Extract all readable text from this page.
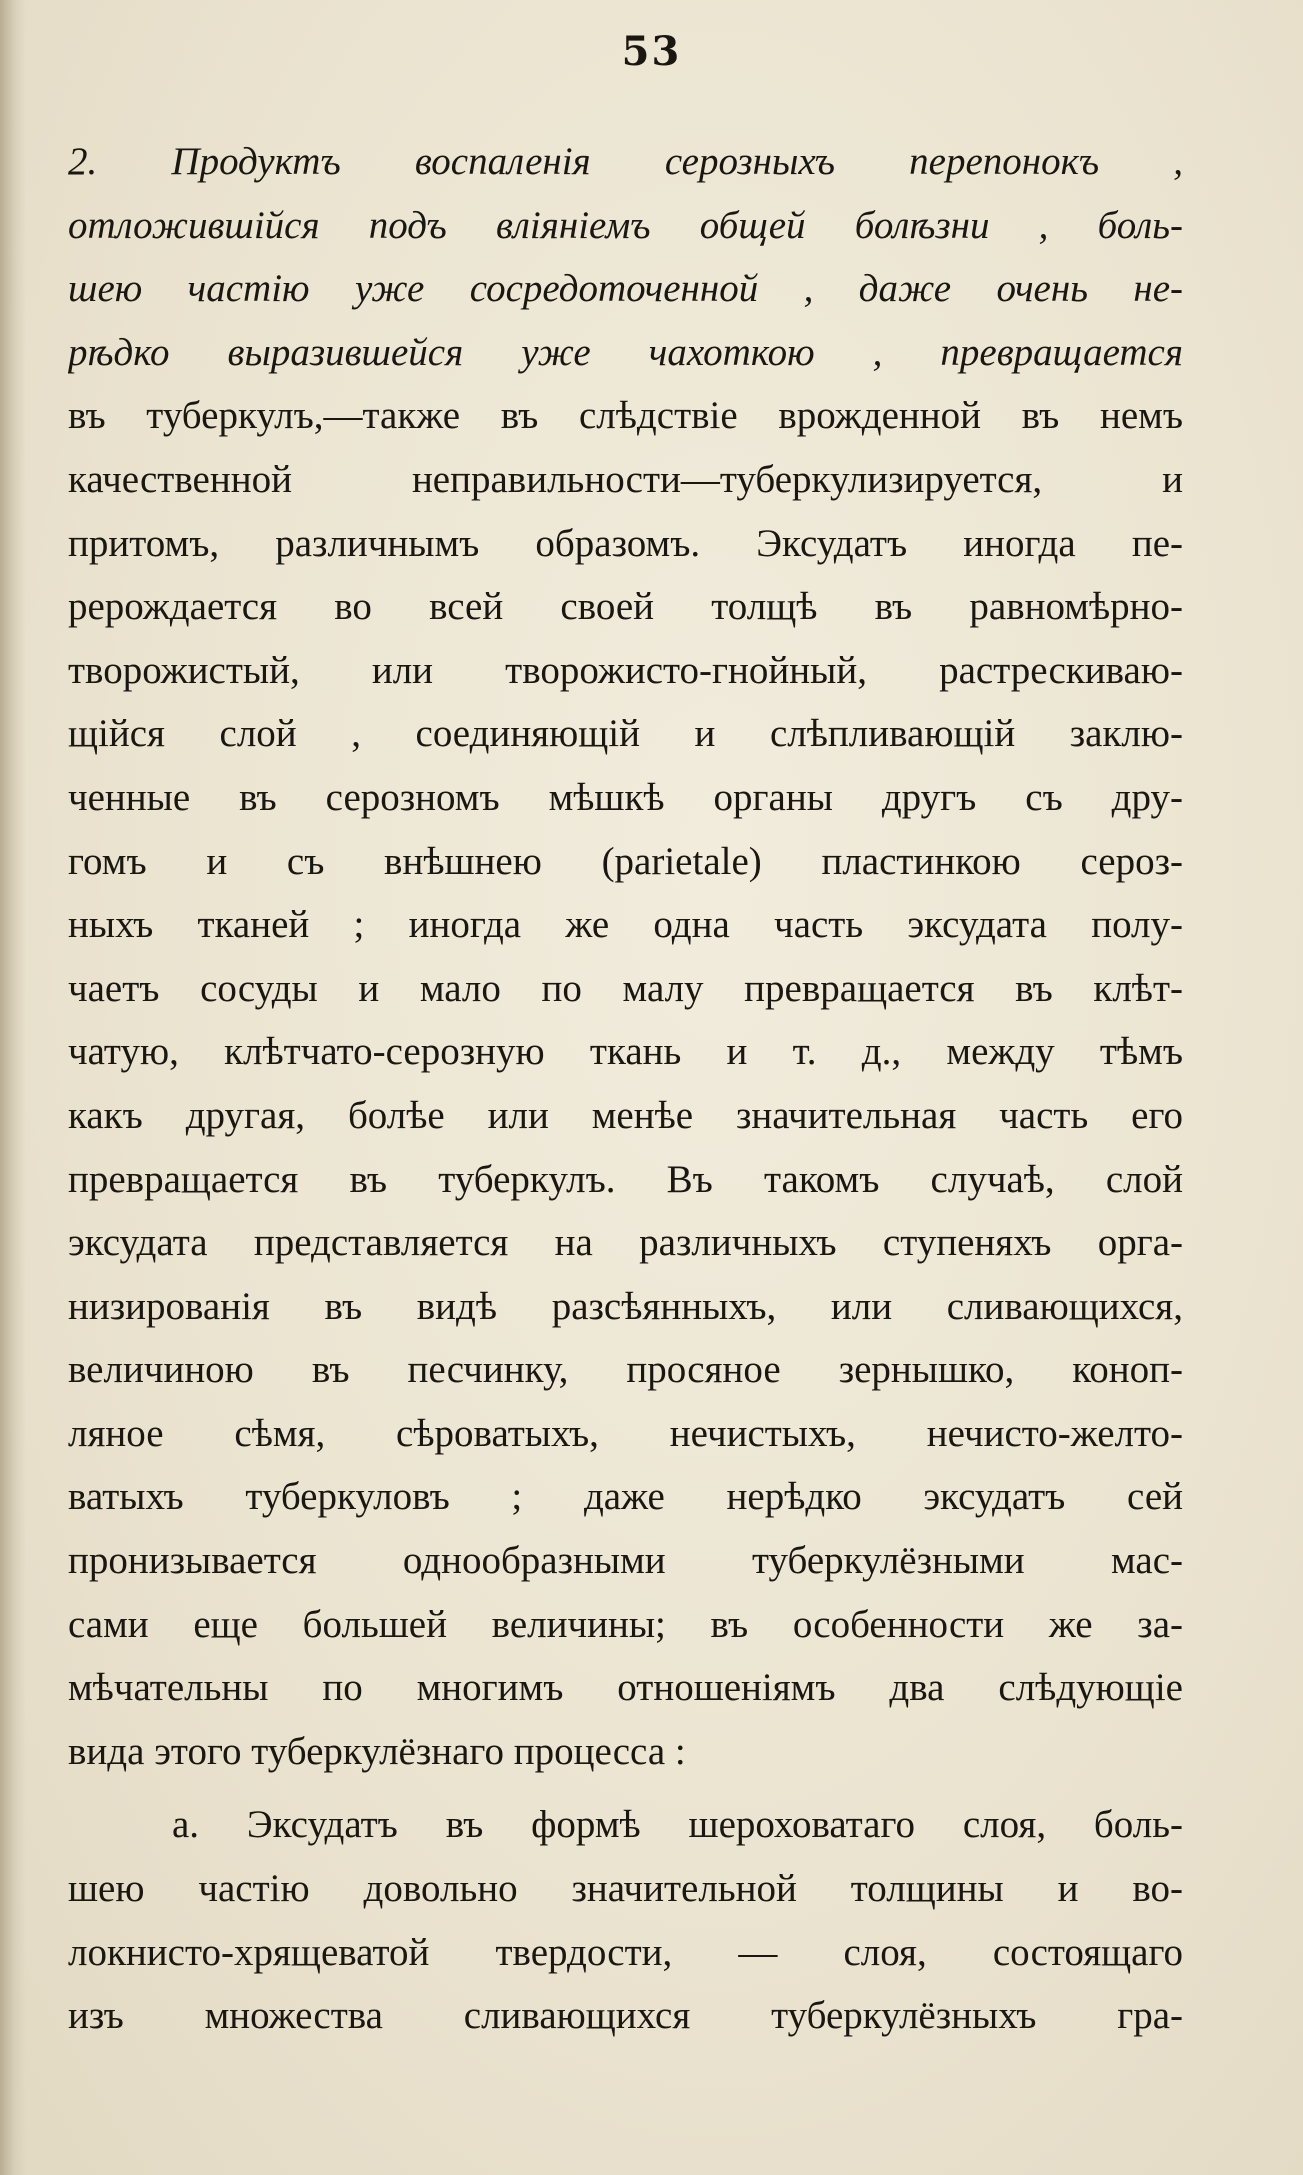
53
2. Продуктъ воспаленія серозныхъ перепонокъ ,
отложившійся подъ вліяніемъ общей болѣзни , боль-
шею частію уже сосредоточенной , даже очень не-
рѣдко выразившейся уже чахоткою , превращается
въ туберкулъ,—также въ слѣдствіе врожденной въ немъ
качественной неправильности—туберкулизируется, и
притомъ, различнымъ образомъ. Эксудатъ иногда пе-
рерождается во всей своей толщѣ въ равномѣрно-
творожистый, или творожисто-гнойный, растрескиваю-
щійся слой , соединяющій и слѣпливающій заклю-
ченные въ серозномъ мѣшкѣ органы другъ съ дру-
гомъ и съ внѣшнею (parietale) пластинкою сероз-
ныхъ тканей ; иногда же одна часть эксудата полу-
чаетъ сосуды и мало по малу превращается въ клѣт-
чатую, клѣтчато-серозную ткань и т. д., между тѣмъ
какъ другая, болѣе или менѣе значительная часть его
превращается въ туберкулъ. Въ такомъ случаѣ, слой
эксудата представляется на различныхъ ступеняхъ орга-
низированія въ видѣ разсѣянныхъ, или сливающихся,
величиною въ песчинку, просяное зернышко, коноп-
ляное сѣмя, сѣроватыхъ, нечистыхъ, нечисто-желто-
ватыхъ туберкуловъ ; даже нерѣдко эксудатъ сей
пронизывается однообразными туберкулёзными мас-
сами еще большей величины; въ особенности же за-
мѣчательны по многимъ отношеніямъ два слѣдующіе
вида этого туберкулёзнаго процесса :
а. Эксудатъ въ формѣ шероховатаго слоя, боль-
шею частію довольно значительной толщины и во-
локнисто-хрящеватой твердости, — слоя, состоящаго
изъ множества сливающихся туберкулёзныхъ гра-
